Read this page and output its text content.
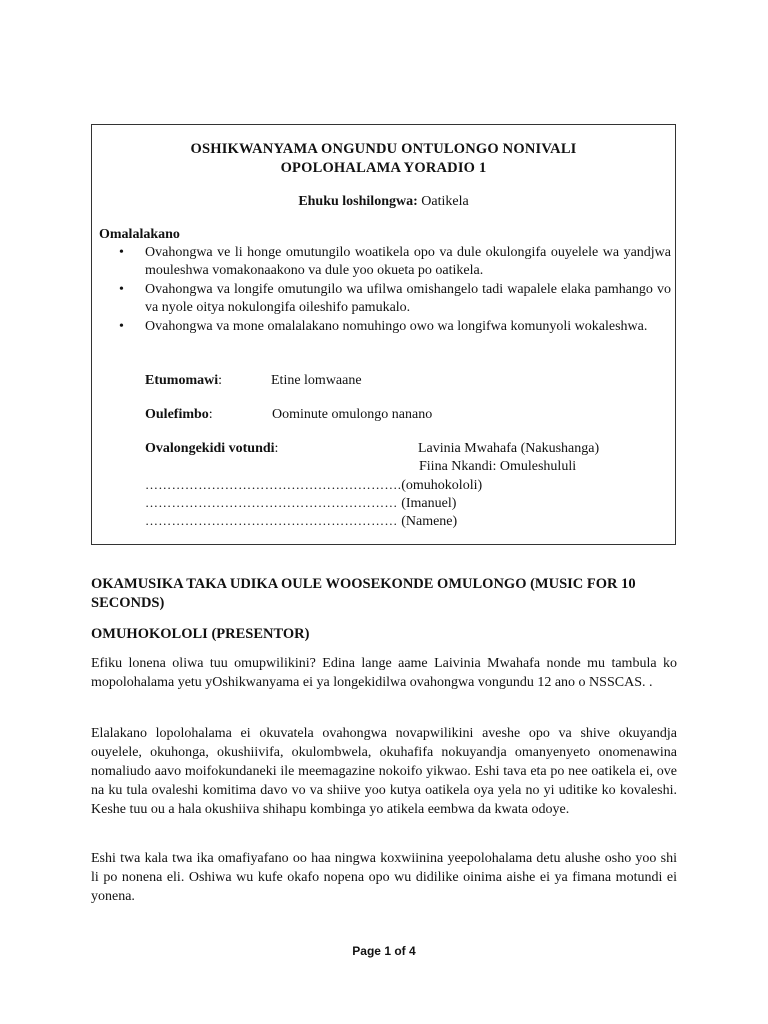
OSHIKWANYAMA ONGUNDU ONTULONGO NONIVALI
OPOLOHALAMA YORADIO 1
Ehuku loshilongwa: Oatikela
Omalalakano
• Ovahongwa ve li honge omutungilo woatikela opo va dule okulongifa ouyelele wa yandjwa mouleshwa vomakonaakono va dule yoo okueta po oatikela.
• Ovahongwa va longife omutungilo wa ufilwa omishangelo tadi wapalele elaka pamhango vo va nyole oitya nokulongifa oileshifo pamukalo.
• Ovahongwa va mone omalalakano nomuhingo owo wa longifwa komunyoli wokaleshwa.
Etumomawi:	Etine lomwaane
Oulefimbo:	Oominute omulongo nanano
Ovalongekidi votundi:	Lavinia Mwahafa (Nakushanga)
Fiina Nkandi: Omuleshululi
………………………………………………….(omuhokololi)
………………………………………………… (Imanuel)
………………………………………………… (Namene)
OKAMUSIKA TAKA UDIKA OULE WOOSEKONDE OMULONGO (MUSIC FOR 10 SECONDS)
OMUHOKOLOLI (PRESENTOR)

Efiku lonena oliwa tuu omupwilikini? Edina lange aame Laivinia Mwahafa nonde mu tambula ko mopolohalama yetu yOshikwanyama ei ya longekidilwa ovahongwa vongundu 12 ano o NSSCAS. .

Elalakano lopolohalama ei okuvatela ovahongwa novapwilikini aveshe opo va shive okuyandja ouyelele, okuhonga, okushiivifa, okulombwela, okuhafifa nokuyandja omanyenyeto onomenawina nomaliudo aavo moifokundaneki ile meemagazine nokoifo yikwao. Eshi tava eta po nee oatikela ei, ove na ku tula ovaleshi komitima davo vo va shiive yoo kutya oatikela oya yela no yi uditike ko kovaleshi. Keshe tuu ou a hala okushiiva shihapu kombinga yo atikela eembwa da kwata odoye.

Eshi twa kala twa ika omafiyafano oo haa ningwa koxwiinina yeepolohalama detu alushe osho yoo shi li po nonena eli. Oshiwa wu kufe okafo nopena opo wu didilike oinima aishe ei ya fimana motundi ei yonena.

Page 1 of 4
